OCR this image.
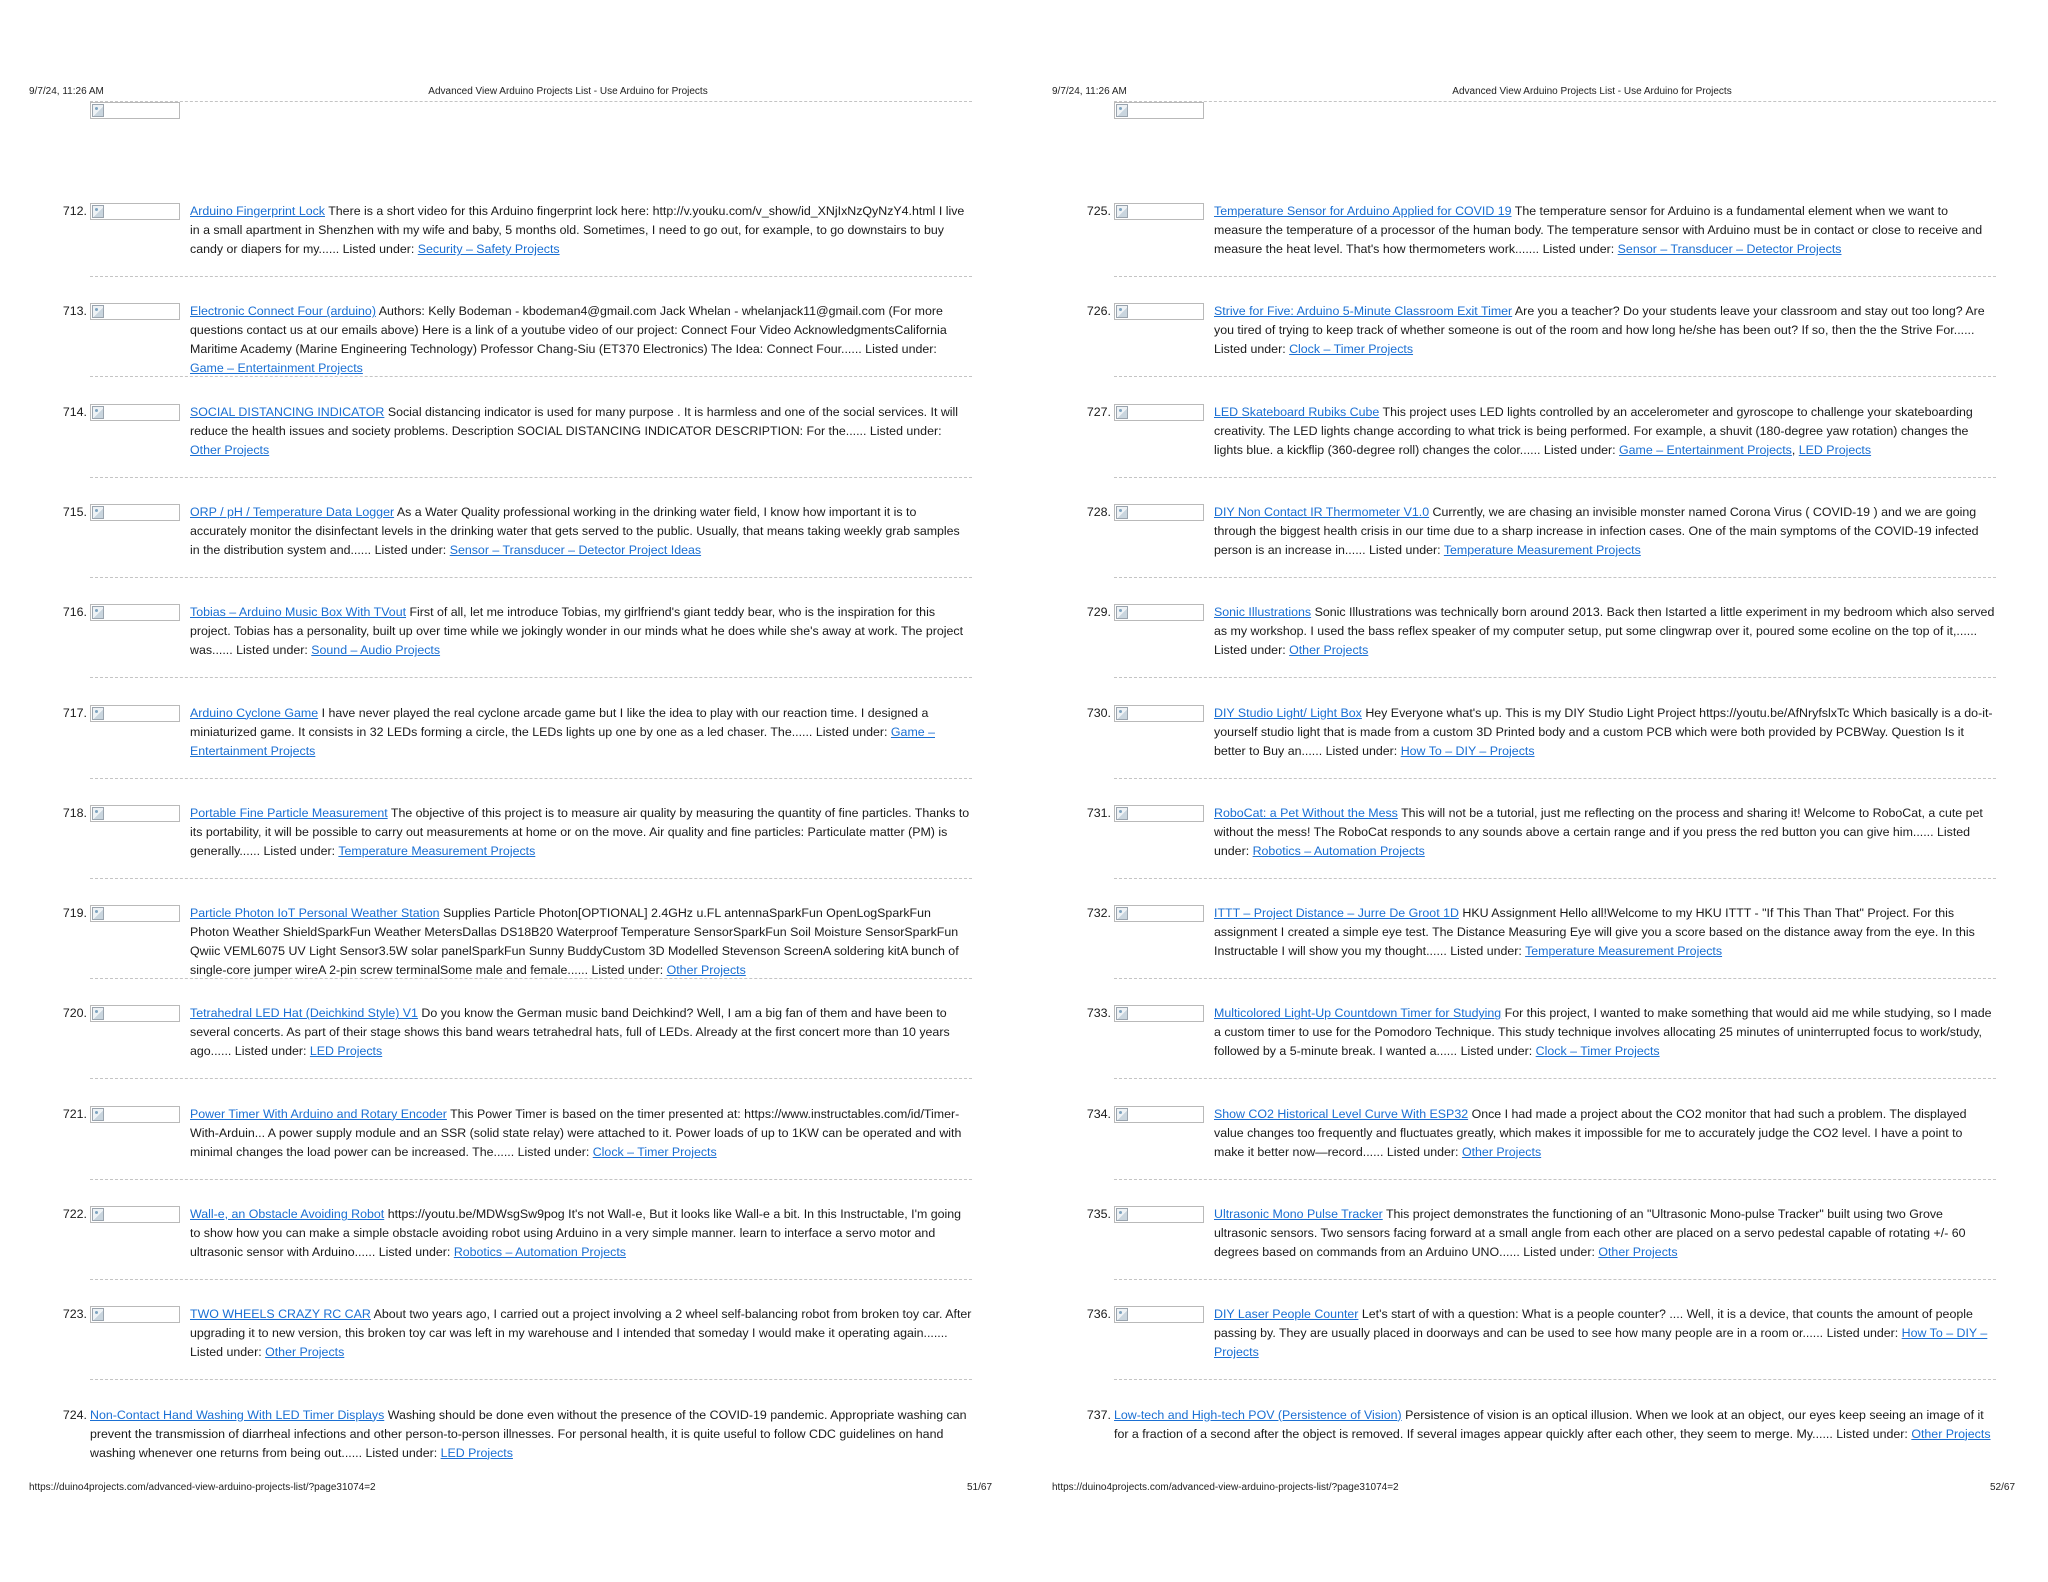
9/7/24, 11:26 AM	Advanced View Arduino Projects List - Use Arduino for Projects
712.	Arduino Fingerprint Lock There is a short video for this Arduino fingerprint lock here: http://v.youku.com/v_show/id_XNjIxNzQyNzY4.html I live in a small apartment in Shenzhen with my wife and baby, 5 months old. Sometimes, I need to go out, for example, to go downstairs to buy candy or diapers for my...... Listed under: Security – Safety Projects
713.	Electronic Connect Four (arduino) Authors: Kelly Bodeman - kbodeman4@gmail.com Jack Whelan - whelanjack11@gmail.com (For more questions contact us at our emails above) Here is a link of a youtube video of our project: Connect Four Video AcknowledgmentsCalifornia Maritime Academy (Marine Engineering Technology) Professor Chang-Siu (ET370 Electronics) The Idea: Connect Four...... Listed under: Game – Entertainment Projects
714.	SOCIAL DISTANCING INDICATOR Social distancing indicator is used for many purpose . It is harmless and one of the social services. It will reduce the health issues and society problems. Description SOCIAL DISTANCING INDICATOR DESCRIPTION: For the...... Listed under: Other Projects
715.	ORP / pH / Temperature Data Logger As a Water Quality professional working in the drinking water field, I know how important it is to accurately monitor the disinfectant levels in the drinking water that gets served to the public. Usually, that means taking weekly grab samples in the distribution system and...... Listed under: Sensor – Transducer – Detector Project Ideas
716.	Tobias – Arduino Music Box With TVout First of all, let me introduce Tobias, my girlfriend's giant teddy bear, who is the inspiration for this project. Tobias has a personality, built up over time while we jokingly wonder in our minds what he does while she's away at work. The project was...... Listed under: Sound – Audio Projects
717.	Arduino Cyclone Game I have never played the real cyclone arcade game but I like the idea to play with our reaction time. I designed a miniaturized game. It consists in 32 LEDs forming a circle, the LEDs lights up one by one as a led chaser. The...... Listed under: Game – Entertainment Projects
718.	Portable Fine Particle Measurement The objective of this project is to measure air quality by measuring the quantity of fine particles. Thanks to its portability, it will be possible to carry out measurements at home or on the move. Air quality and fine particles: Particulate matter (PM) is generally...... Listed under: Temperature Measurement Projects
719.	Particle Photon IoT Personal Weather Station Supplies Particle Photon[OPTIONAL] 2.4GHz u.FL antennaSparkFun OpenLogSparkFun Photon Weather ShieldSparkFun Weather MetersDallas DS18B20 Waterproof Temperature SensorSparkFun Soil Moisture SensorSparkFun Qwiic VEML6075 UV Light Sensor3.5W solar panelSparkFun Sunny BuddyCustom 3D Modelled Stevenson ScreenA soldering kitA bunch of single-core jumper wireA 2-pin screw terminalSome male and female...... Listed under: Other Projects
720.	Tetrahedral LED Hat (Deichkind Style) V1 Do you know the German music band Deichkind? Well, I am a big fan of them and have been to several concerts. As part of their stage shows this band wears tetrahedral hats, full of LEDs. Already at the first concert more than 10 years ago...... Listed under: LED Projects
721.	Power Timer With Arduino and Rotary Encoder This Power Timer is based on the timer presented at: https://www.instructables.com/id/Timer-With-Arduin... A power supply module and an SSR (solid state relay) were attached to it. Power loads of up to 1KW can be operated and with minimal changes the load power can be increased. The...... Listed under: Clock – Timer Projects
722.	Wall-e, an Obstacle Avoiding Robot https://youtu.be/MDWsgSw9pog It's not Wall-e, But it looks like Wall-e a bit. In this Instructable, I'm going to show how you can make a simple obstacle avoiding robot using Arduino in a very simple manner. learn to interface a servo motor and ultrasonic sensor with Arduino...... Listed under: Robotics – Automation Projects
723.	TWO WHEELS CRAZY RC CAR About two years ago, I carried out a project involving a 2 wheel self-balancing robot from broken toy car. After upgrading it to new version, this broken toy car was left in my warehouse and I intended that someday I would make it operating again....... Listed under: Other Projects
724. Non-Contact Hand Washing With LED Timer Displays Washing should be done even without the presence of the COVID-19 pandemic. Appropriate washing can prevent the transmission of diarrheal infections and other person-to-person illnesses. For personal health, it is quite useful to follow CDC guidelines on hand washing whenever one returns from being out...... Listed under: LED Projects
https://duino4projects.com/advanced-view-arduino-projects-list/?page31074=2	51/67
9/7/24, 11:26 AM	Advanced View Arduino Projects List - Use Arduino for Projects
725.	Temperature Sensor for Arduino Applied for COVID 19 The temperature sensor for Arduino is a fundamental element when we want to measure the temperature of a processor of the human body. The temperature sensor with Arduino must be in contact or close to receive and measure the heat level. That's how thermometers work....... Listed under: Sensor – Transducer – Detector Projects
726.	Strive for Five: Arduino 5-Minute Classroom Exit Timer Are you a teacher? Do your students leave your classroom and stay out too long? Are you tired of trying to keep track of whether someone is out of the room and how long he/she has been out? If so, then the the Strive For...... Listed under: Clock – Timer Projects
727.	LED Skateboard Rubiks Cube This project uses LED lights controlled by an accelerometer and gyroscope to challenge your skateboarding creativity. The LED lights change according to what trick is being performed. For example, a shuvit (180-degree yaw rotation) changes the lights blue. a kickflip (360-degree roll) changes the color...... Listed under: Game – Entertainment Projects, LED Projects
728.	DIY Non Contact IR Thermometer V1.0 Currently, we are chasing an invisible monster named Corona Virus ( COVID-19 ) and we are going through the biggest health crisis in our time due to a sharp increase in infection cases. One of the main symptoms of the COVID-19 infected person is an increase in...... Listed under: Temperature Measurement Projects
729.	Sonic Illustrations Sonic Illustrations was technically born around 2013. Back then Istarted a little experiment in my bedroom which also served as my workshop. I used the bass reflex speaker of my computer setup, put some clingwrap over it, poured some ecoline on the top of it,...... Listed under: Other Projects
730.	DIY Studio Light/ Light Box Hey Everyone what's up. This is my DIY Studio Light Project https://youtu.be/AfNryfslxTc Which basically is a do-it-yourself studio light that is made from a custom 3D Printed body and a custom PCB which were both provided by PCBWay. Question Is it better to Buy an...... Listed under: How To – DIY – Projects
731.	RoboCat: a Pet Without the Mess This will not be a tutorial, just me reflecting on the process and sharing it! Welcome to RoboCat, a cute pet without the mess! The RoboCat responds to any sounds above a certain range and if you press the red button you can give him...... Listed under: Robotics – Automation Projects
732.	ITTT – Project Distance – Jurre De Groot 1D HKU Assignment Hello all!Welcome to my HKU ITTT - "If This Than That" Project. For this assignment I created a simple eye test. The Distance Measuring Eye will give you a score based on the distance away from the eye. In this Instructable I will show you my thought...... Listed under: Temperature Measurement Projects
733.	Multicolored Light-Up Countdown Timer for Studying For this project, I wanted to make something that would aid me while studying, so I made a custom timer to use for the Pomodoro Technique. This study technique involves allocating 25 minutes of uninterrupted focus to work/study, followed by a 5-minute break. I wanted a...... Listed under: Clock – Timer Projects
734.	Show CO2 Historical Level Curve With ESP32 Once I had made a project about the CO2 monitor that had such a problem. The displayed value changes too frequently and fluctuates greatly, which makes it impossible for me to accurately judge the CO2 level. I have a point to make it better now—record...... Listed under: Other Projects
735.	Ultrasonic Mono Pulse Tracker This project demonstrates the functioning of an "Ultrasonic Mono-pulse Tracker" built using two Grove ultrasonic sensors. Two sensors facing forward at a small angle from each other are placed on a servo pedestal capable of rotating +/- 60 degrees based on commands from an Arduino UNO...... Listed under: Other Projects
736.	DIY Laser People Counter Let's start of with a question: What is a people counter? .... Well, it is a device, that counts the amount of people passing by. They are usually placed in doorways and can be used to see how many people are in a room or...... Listed under: How To – DIY – Projects
737. Low-tech and High-tech POV (Persistence of Vision) Persistence of vision is an optical illusion. When we look at an object, our eyes keep seeing an image of it for a fraction of a second after the object is removed. If several images appear quickly after each other, they seem to merge. My...... Listed under: Other Projects
https://duino4projects.com/advanced-view-arduino-projects-list/?page31074=2	52/67
